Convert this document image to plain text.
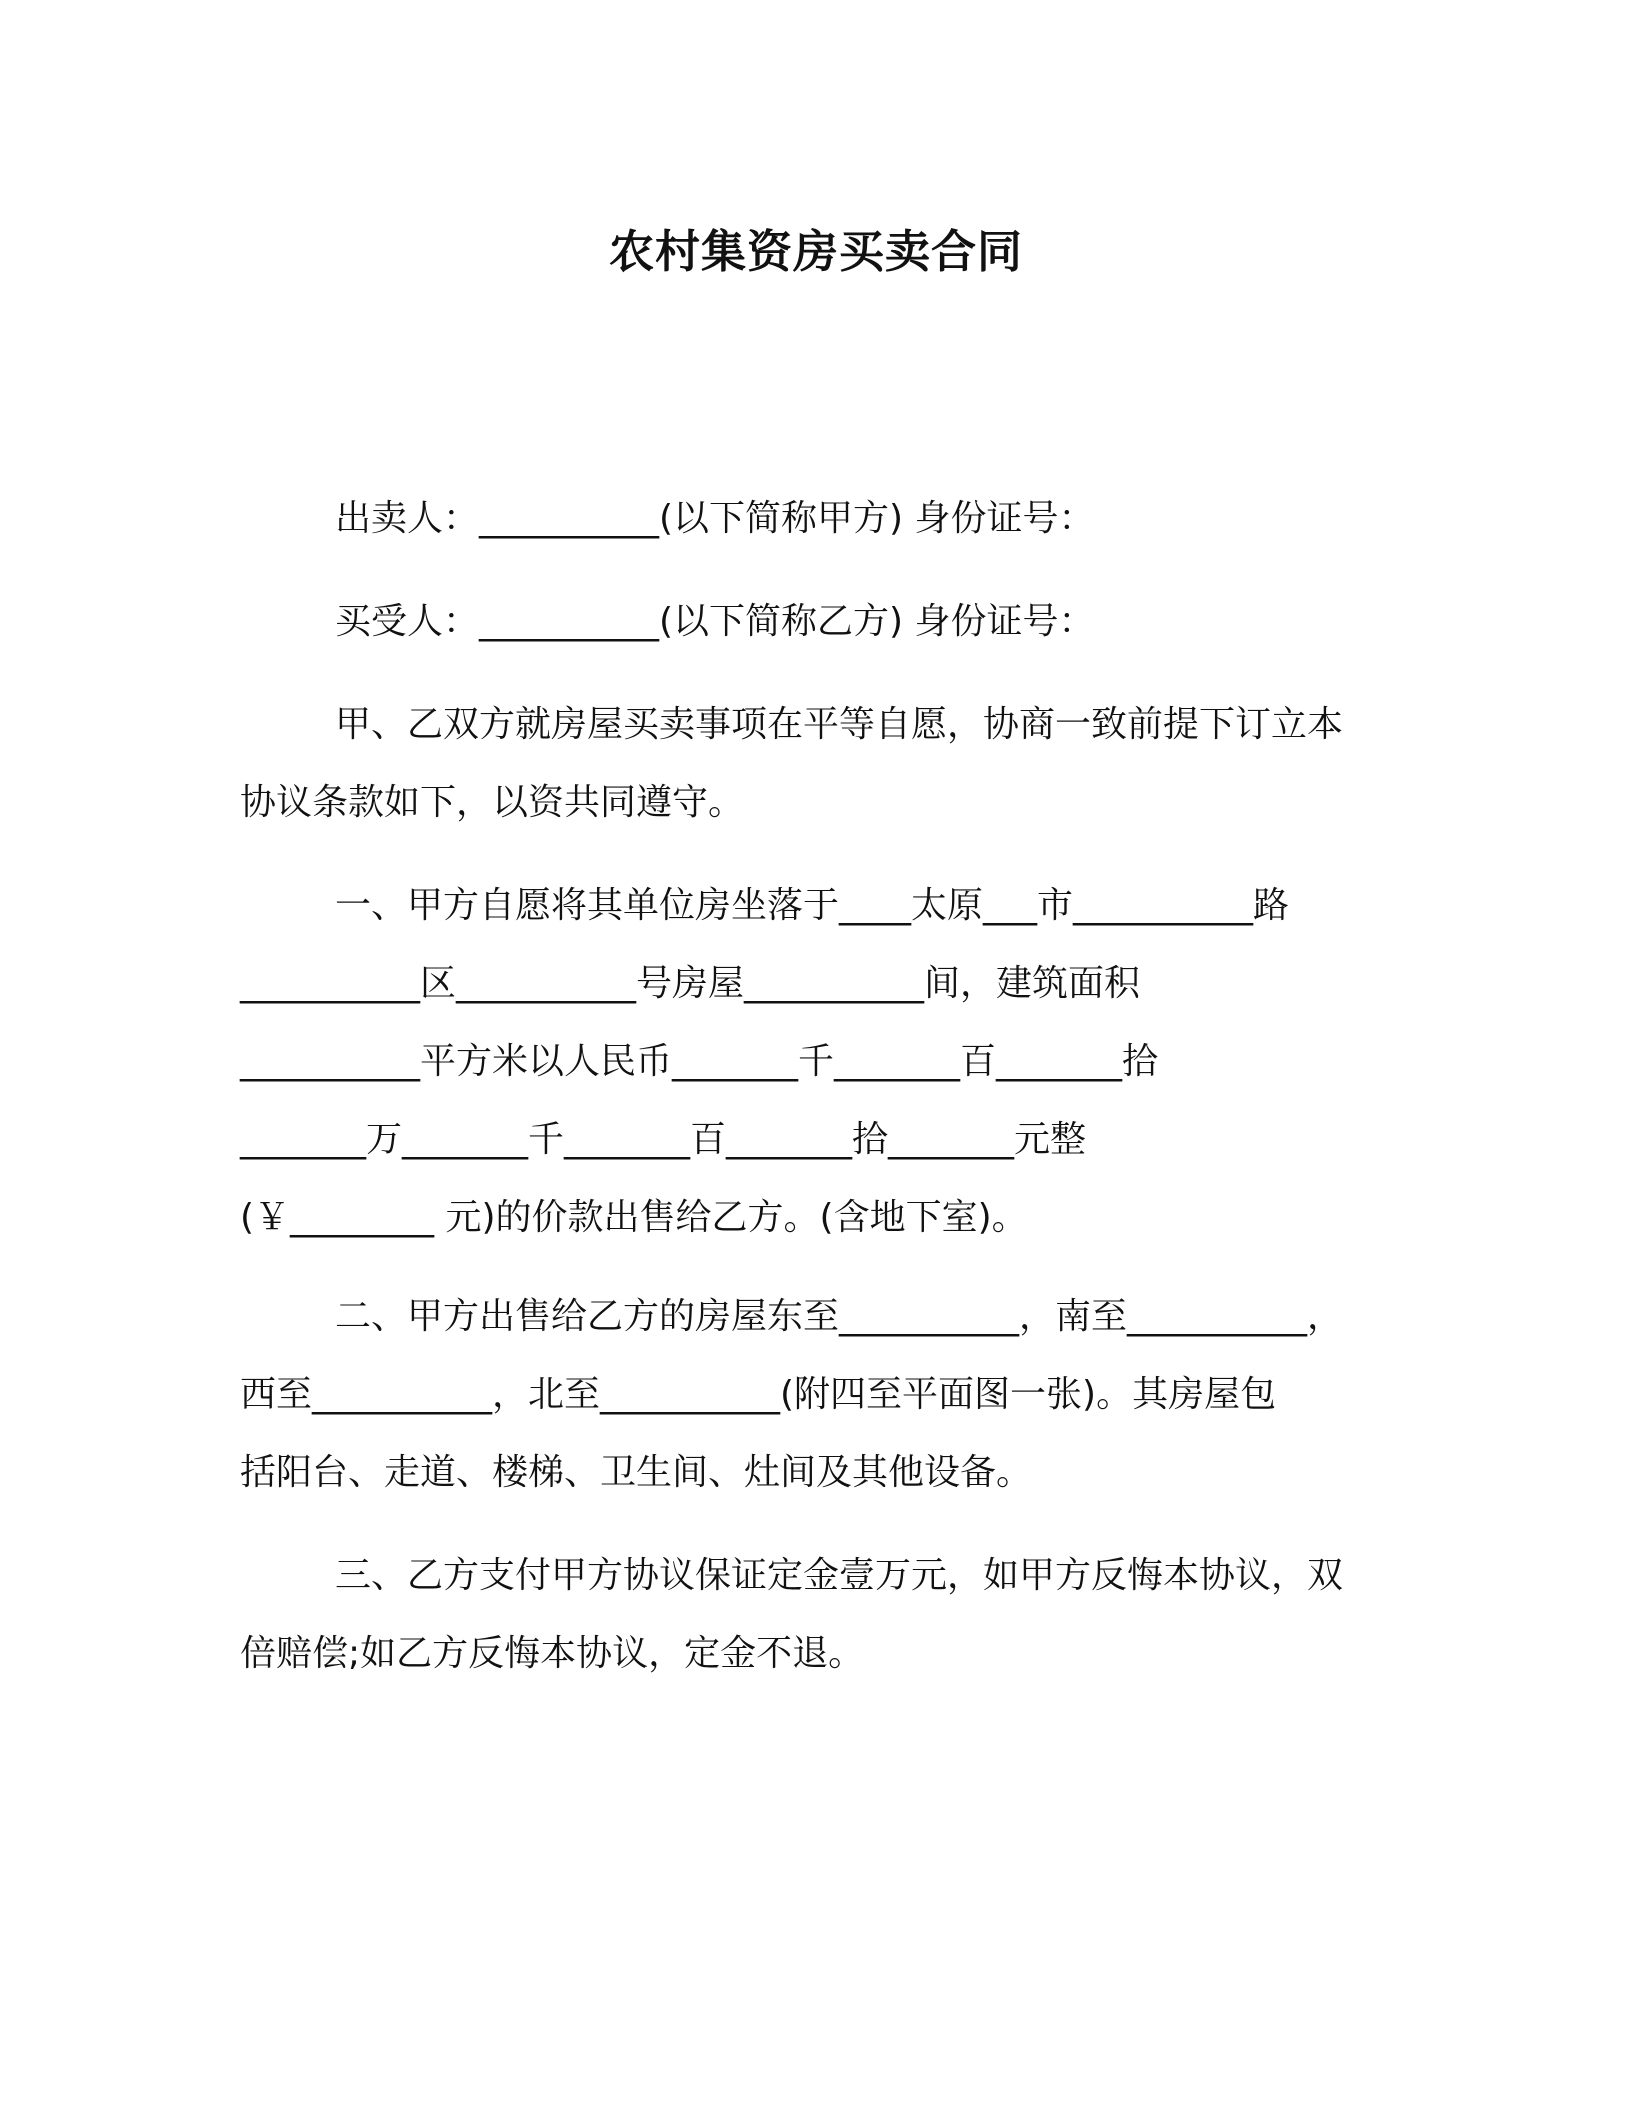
农村集资房买卖合同
出卖人：__________(以下简称甲方) 身份证号：
买受人：__________(以下简称乙方) 身份证号：
甲、乙双方就房屋买卖事项在平等自愿，协商一致前提下订立本
协议条款如下，以资共同遵守。
一、甲方自愿将其单位房坐落于____太原___市__________路
__________区__________号房屋__________间，建筑面积
__________平方米以人民币_______千_______百_______拾
_______万_______千_______百_______拾_______元整
(￥________ 元)的价款出售给乙方。(含地下室)。
二、甲方出售给乙方的房屋东至__________，南至__________，
西至__________，北至__________(附四至平面图一张)。其房屋包
括阳台、走道、楼梯、卫生间、灶间及其他设备。
三、乙方支付甲方协议保证定金壹万元，如甲方反悔本协议，双
倍赔偿;如乙方反悔本协议，定金不退。
